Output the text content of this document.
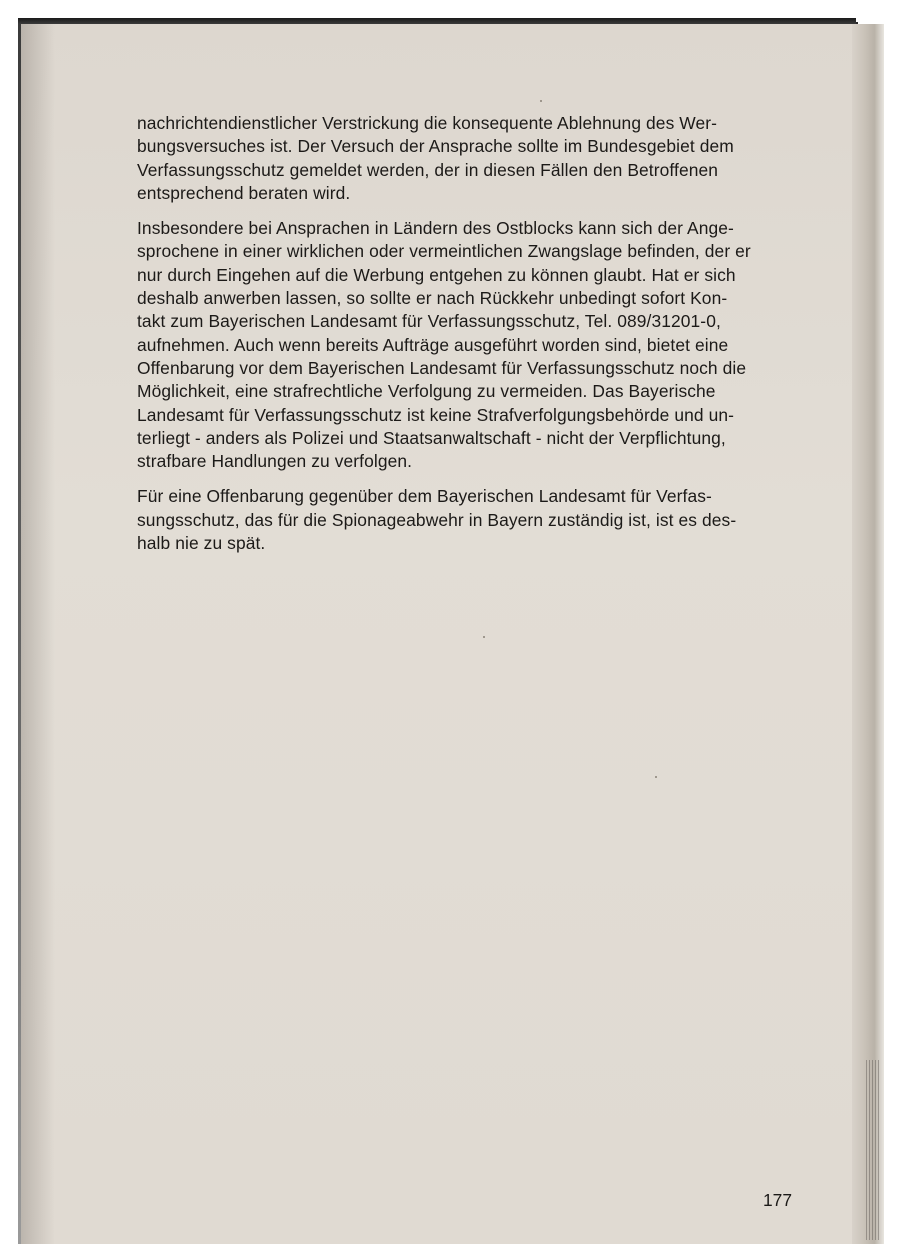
nachrichtendienstlicher Verstrickung die konsequente Ablehnung des Wer-
bungsversuches ist. Der Versuch der Ansprache sollte im Bundesgebiet dem
Verfassungsschutz gemeldet werden, der in diesen Fällen den Betroffenen
entsprechend beraten wird.

Insbesondere bei Ansprachen in Ländern des Ostblocks kann sich der Ange-
sprochene in einer wirklichen oder vermeintlichen Zwangslage befinden, der er
nur durch Eingehen auf die Werbung entgehen zu können glaubt. Hat er sich
deshalb anwerben lassen, so sollte er nach Rückkehr unbedingt sofort Kon-
takt zum Bayerischen Landesamt für Verfassungsschutz, Tel. 089/31201-0,
aufnehmen. Auch wenn bereits Aufträge ausgeführt worden sind, bietet eine
Offenbarung vor dem Bayerischen Landesamt für Verfassungsschutz noch die
Möglichkeit, eine strafrechtliche Verfolgung zu vermeiden. Das Bayerische
Landesamt für Verfassungsschutz ist keine Strafverfolgungsbehörde und un-
terliegt - anders als Polizei und Staatsanwaltschaft - nicht der Verpflichtung,
strafbare Handlungen zu verfolgen.

Für eine Offenbarung gegenüber dem Bayerischen Landesamt für Verfas-
sungsschutz, das für die Spionageabwehr in Bayern zuständig ist, ist es des-
halb nie zu spät.

177
